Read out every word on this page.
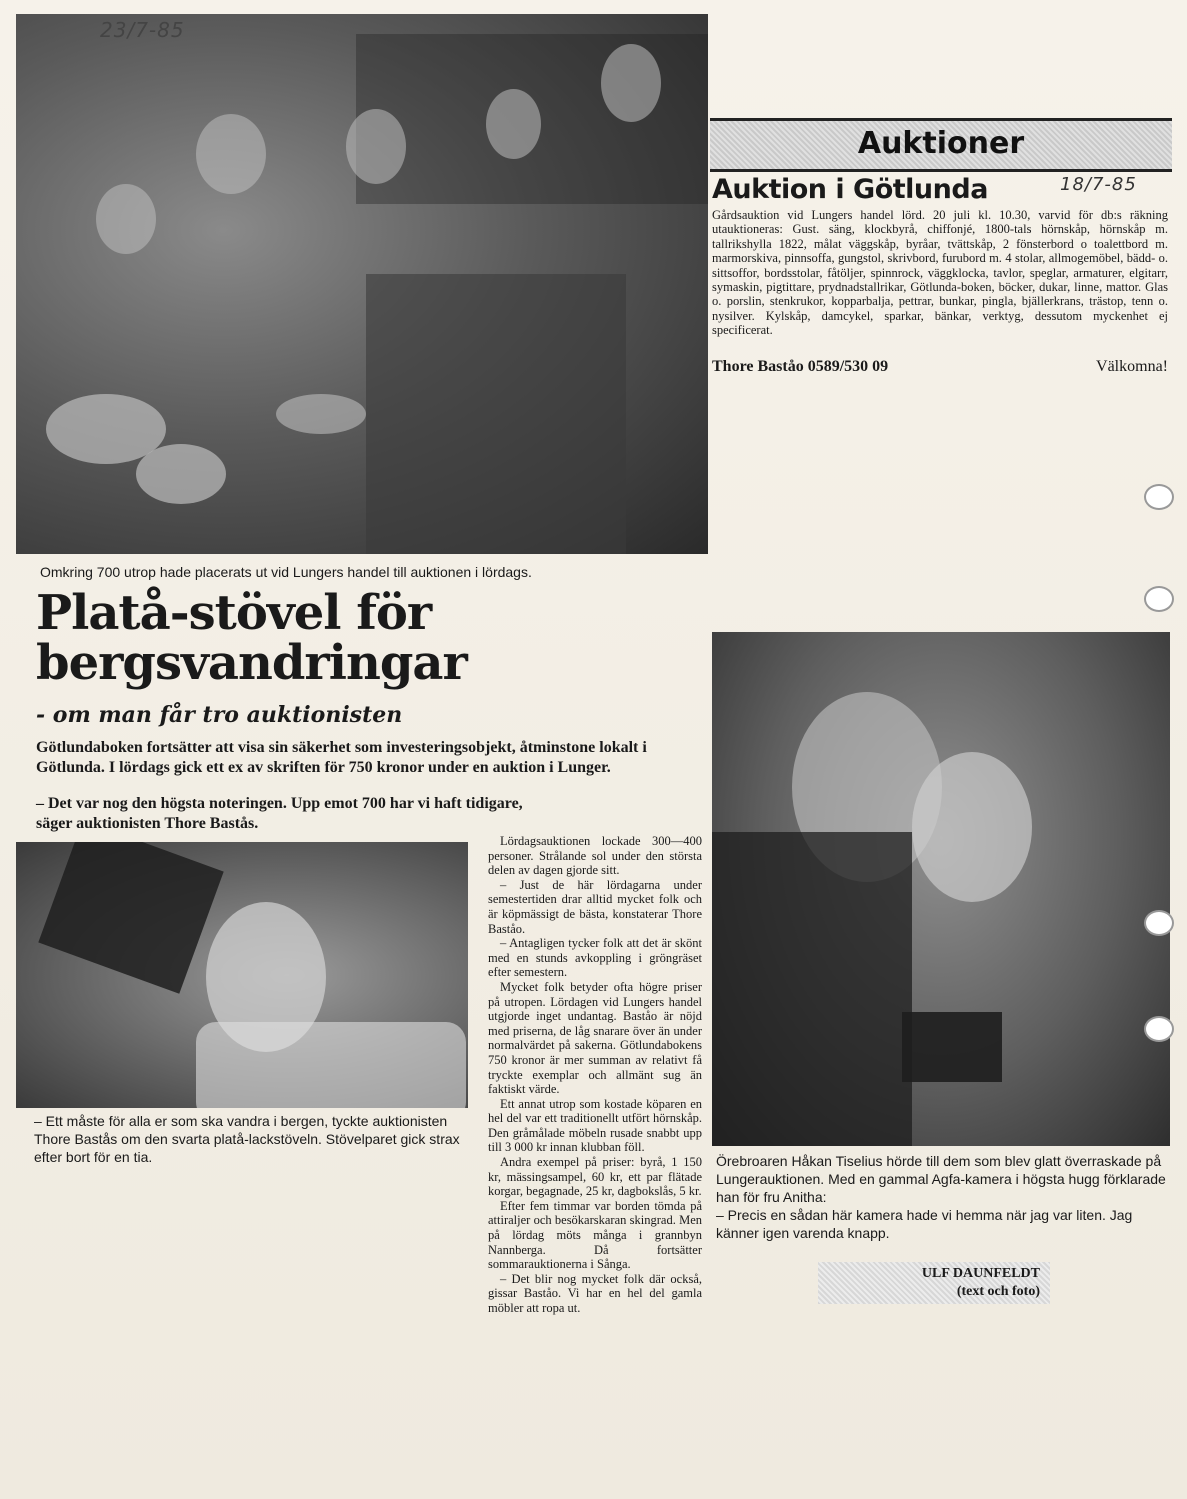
23/7-85
Omkring 700 utrop hade placerats ut vid Lungers handel till auktionen i lördags.
Platå-stövel för
bergsvandringar
- om man får tro auktionisten
Götlundaboken fortsätter att visa sin säkerhet som investeringsobjekt, åtminstone lokalt i Götlunda. I lördags gick ett ex av skriften för 750 kronor under en auktion i Lunger.
– Det var nog den högsta noteringen. Upp emot 700 har vi haft tidigare, säger auktionisten Thore Bastås.
– Ett måste för alla er som ska vandra i bergen, tyckte auktionisten Thore Bastås om den svarta platå-lackstöveln. Stövelparet gick strax efter bort för en tia.

Lördagsauktionen lockade 300—400 personer. Strålande sol under den största delen av dagen gjorde sitt.

– Just de här lördagarna under semestertiden drar alltid mycket folk och är köpmässigt de bästa, konstaterar Thore Baståo.

– Antagligen tycker folk att det är skönt med en stunds avkoppling i gröngräset efter semestern.

Mycket folk betyder ofta högre priser på utropen. Lördagen vid Lungers handel utgjorde inget undantag. Baståo är nöjd med priserna, de låg snarare över än under normalvärdet på sakerna. Götlundabokens 750 kronor är mer summan av relativt få tryckte exemplar och allmänt sug än faktiskt värde.

Ett annat utrop som kostade köparen en hel del var ett traditionellt utfört hörnskåp. Den gråmålade möbeln rusade snabbt upp till 3 000 kr innan klubban föll.

Andra exempel på priser: byrå, 1 150 kr, mässingsampel, 60 kr, ett par flätade korgar, begagnade, 25 kr, dagbokslås, 5 kr.

Efter fem timmar var borden tömda på attiraljer och besökarskaran skingrad. Men på lördag möts många i grannbyn Nannberga. Då fortsätter sommarauktionerna i Sånga.

– Det blir nog mycket folk där också, gissar Baståo. Vi har en hel del gamla möbler att ropa ut.

Auktioner
Auktion i Götlunda	18/7-85
Gårdsauktion vid Lungers handel lörd. 20 juli kl. 10.30, varvid för db:s räkning utauktioneras: Gust. säng, klockbyrå, chiffonjé, 1800-tals hörnskåp, hörnskåp m. tallrikshylla 1822, målat väggskåp, byråar, tvättskåp, 2 fönsterbord o toalettbord m. marmorskiva, pinnsoffa, gungstol, skrivbord, furubord m. 4 stolar, allmogemöbel, bädd- o. sittsoffor, bordsstolar, fåtöljer, spinnrock, väggklocka, tavlor, speglar, armaturer, elgitarr, symaskin, pigtittare, prydnadstallrikar, Götlunda-boken, böcker, dukar, linne, mattor. Glas o. porslin, stenkrukor, kopparbalja, pettrar, bunkar, pingla, bjällerkrans, trästop, tenn o. nysilver. Kylskåp, damcykel, sparkar, bänkar, verktyg, dessutom myckenhet ej specificerat.
Thore Baståo 0589/530 09	Välkomna!
Örebroaren Håkan Tiselius hörde till dem som blev glatt överraskade på Lungerauktionen. Med en gammal Agfa-kamera i högsta hugg förklarade han för fru Anitha:
– Precis en sådan här kamera hade vi hemma när jag var liten. Jag känner igen varenda knapp.
ULF DAUNFELDT
(text och foto)
